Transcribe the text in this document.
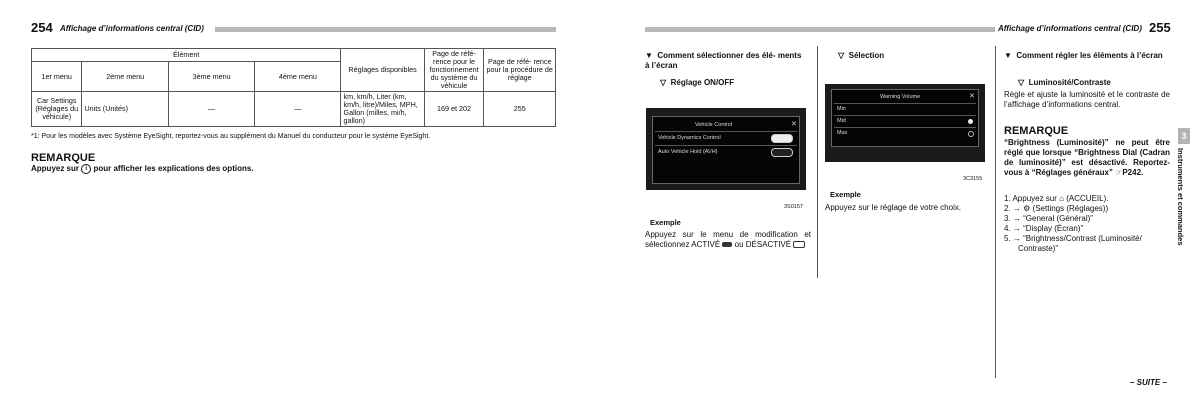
254 Affichage d’informations central (CID)
Élément				Réglages disponibles	Page de réfé- rence pour le fonctionnement du système du véhicule	Page de réfé- rence pour la procédure de réglage
1er menu	2ème menu	3ème menu	4ème menu			
Car Settings (Réglages du véhicule)	Units (Unités)	—	—	km, km/h, Liter (km, km/h, litre)/Miles, MPH, Gallon (milles, mi/h, gallon)	169 et 202	255
*1: Pour les modèles avec Système EyeSight, reportez-vous au supplément du Manuel du conducteur pour le système EyeSight.
REMARQUE
Appuyez sur i pour afficher les explications des options.
Affichage d’informations central (CID) 255
▼ Comment sélectionner des élé- ments à l’écran
▽ Réglage ON/OFF
Vehicle Control	✕
Vehicle Dynamics Control
Auto Vehicle Hold (AVH)
3S0157
Exemple
Appuyez sur le menu de modification et sélectionnez ACTIVÉ ou DÉSACTIVÉ
▽ Sélection
Warning Volume	✕
Min
Mid
Max
3C3155
Exemple
Appuyez sur le réglage de votre choix.
▼ Comment régler les éléments à l’écran
▽ Luminosité/Contraste
Règle et ajuste la luminosité et le contraste de l’affichage d’informations central.
REMARQUE
“Brightness (Luminosité)” ne peut être réglé que lorsque “Brightness Dial (Cadran de luminosité)” est désactivé. Reportez-vous à “Réglages généraux” ☞P242.
1. Appuyez sur ⌂ (ACCUEIL).
2. → ⚙ (Settings (Réglages))
3. → “General (Général)”
4. → “Display (Écran)”
5. → “Brightness/Contrast (Luminosité/ Contraste)”
3
Instruments et commandes
– SUITE –
